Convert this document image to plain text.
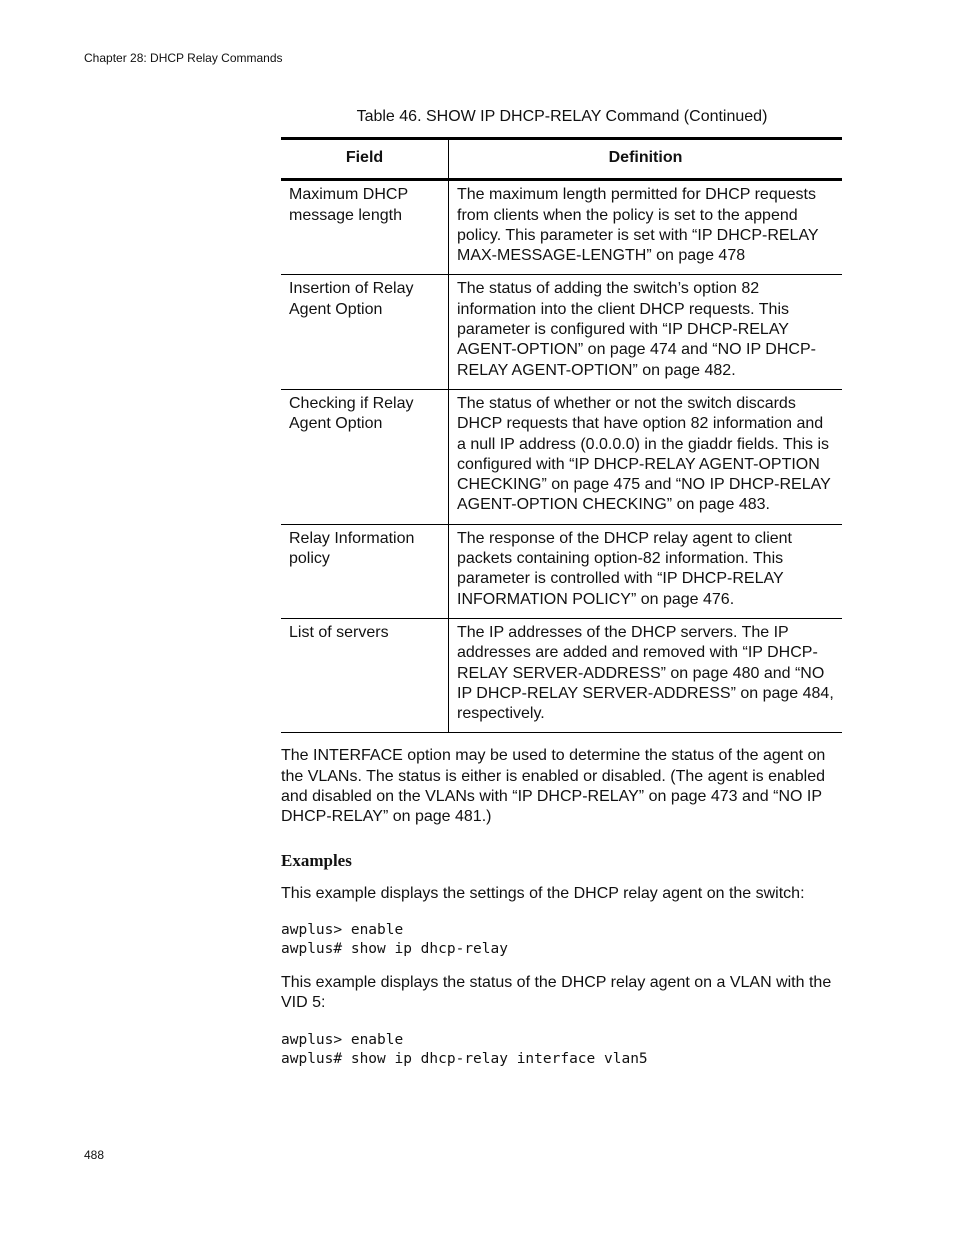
Chapter 28: DHCP Relay Commands

Table 46. SHOW IP DHCP-RELAY Command (Continued)

Field	Definition
Maximum DHCP message length	The maximum length permitted for DHCP requests from clients when the policy is set to the append policy. This parameter is set with “IP DHCP-RELAY MAX-MESSAGE-LENGTH” on page 478
Insertion of Relay Agent Option	The status of adding the switch’s option 82 information into the client DHCP requests. This parameter is configured with “IP DHCP-RELAY AGENT-OPTION” on page 474 and “NO IP DHCP-RELAY AGENT-OPTION” on page 482.
Checking if Relay Agent Option	The status of whether or not the switch discards DHCP requests that have option 82 information and a null IP address (0.0.0.0) in the giaddr fields. This is configured with “IP DHCP-RELAY AGENT-OPTION CHECKING” on page 475 and “NO IP DHCP-RELAY AGENT-OPTION CHECKING” on page 483.
Relay Information policy	The response of the DHCP relay agent to client packets containing option-82 information. This parameter is controlled with “IP DHCP-RELAY INFORMATION POLICY” on page 476.
List of servers	The IP addresses of the DHCP servers. The IP addresses are added and removed with “IP DHCP-RELAY SERVER-ADDRESS” on page 480 and “NO IP DHCP-RELAY SERVER-ADDRESS” on page 484, respectively.

The INTERFACE option may be used to determine the status of the agent on the VLANs. The status is either is enabled or disabled. (The agent is enabled and disabled on the VLANs with “IP DHCP-RELAY” on page 473 and “NO IP DHCP-RELAY” on page 481.)

Examples

This example displays the settings of the DHCP relay agent on the switch:

awplus> enable
awplus# show ip dhcp-relay

This example displays the status of the DHCP relay agent on a VLAN with the VID 5:

awplus> enable
awplus# show ip dhcp-relay interface vlan5
488
